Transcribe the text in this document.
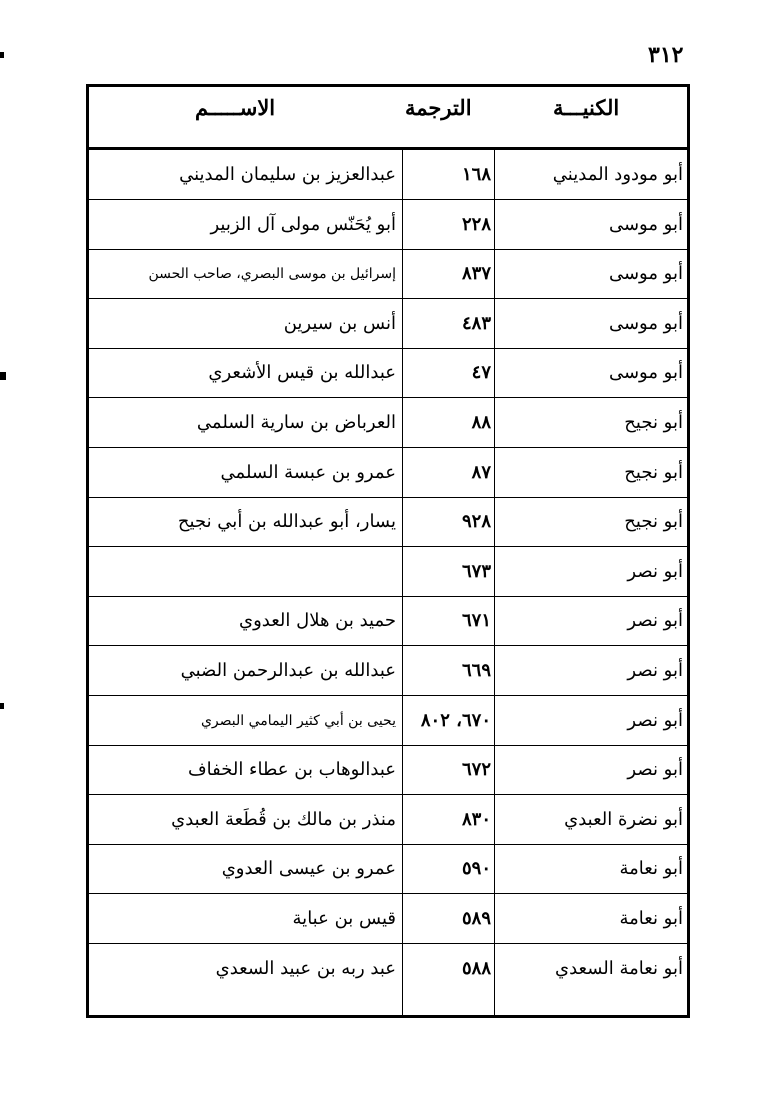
٣١٢
الكنيـــة
الترجمة
الاســـــم
أبو مودود المديني
١٦٨
عبدالعزيز بن سليمان المديني
أبو موسى
٢٢٨
أبو يُحَنّس مولى آل الزبير
أبو موسى
٨٣٧
إسرائيل بن موسى البصري، صاحب الحسن
أبو موسى
٤٨٣
أنس بن سيرين
أبو موسى
٤٧
عبدالله بن قيس الأشعري
أبو نجيح
٨٨
العرباض بن سارية السلمي
أبو نجيح
٨٧
عمرو بن عبسة السلمي
أبو نجيح
٩٢٨
يسار، أبو عبدالله بن أبي نجيح
أبو نصر
٦٧٣
أبو نصر
٦٧١
حميد بن هلال العدوي
أبو نصر
٦٦٩
عبدالله بن عبدالرحمن الضبي
أبو نصر
٦٧٠، ٨٠٢
يحيى بن أبي كثير اليمامي البصري
أبو نصر
٦٧٢
عبدالوهاب بن عطاء الخفاف
أبو نضرة العبدي
٨٣٠
منذر بن مالك بن قُطَعة العبدي
أبو نعامة
٥٩٠
عمرو بن عيسى العدوي
أبو نعامة
٥٨٩
قيس بن عباية
أبو نعامة السعدي
٥٨٨
عبد ربه بن عبيد السعدي
